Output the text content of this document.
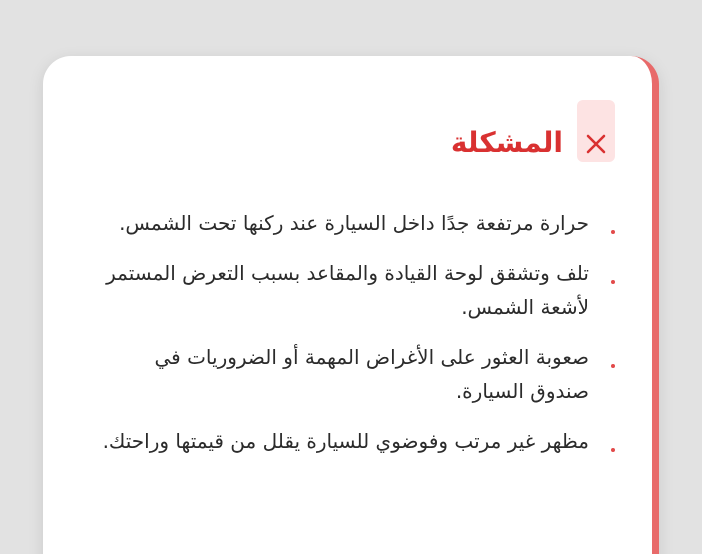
المشكلة
حرارة مرتفعة جدًا داخل السيارة عند ركنها تحت الشمس.
تلف وتشقق لوحة القيادة والمقاعد بسبب التعرض المستمر لأشعة الشمس.
صعوبة العثور على الأغراض المهمة أو الضروريات في صندوق السيارة.
مظهر غير مرتب وفوضوي للسيارة يقلل من قيمتها وراحتك.
